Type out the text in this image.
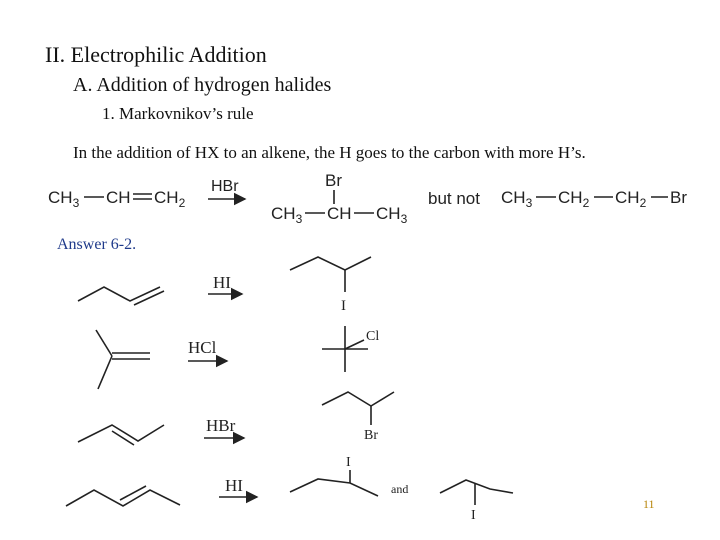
II. Electrophilic Addition
A. Addition of hydrogen halides
1. Markovnikov’s rule
In the addition of HX to an alkene, the H goes to the carbon with more H’s.
Answer 6-2.
11
$CH_3$ CH $CH_2$
HBr	Br
$CH_3$ CH $CH_3$
but not $CH_3$ $CH_2$ $CH_2$ Br
HI
I
HCl
Cl
HBr
Br
HI
I
and
I
